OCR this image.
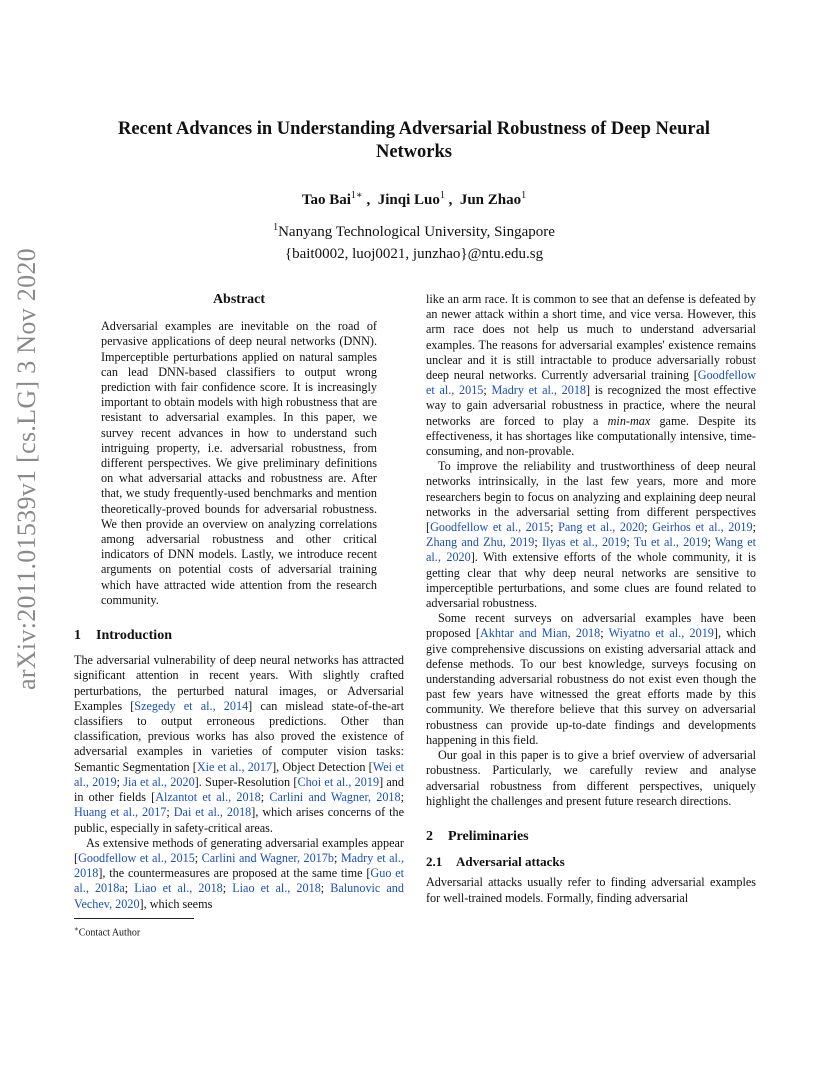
arXiv:2011.01539v1 [cs.LG] 3 Nov 2020
Recent Advances in Understanding Adversarial Robustness of Deep Neural Networks
Tao Bai$^{1∗}$ ,  Jinqi Luo$^1$ ,  Jun Zhao$^1$
$^1$Nanyang Technological University, Singapore
{bait0002, luoj0021, junzhao}@ntu.edu.sg
Abstract

Adversarial examples are inevitable on the road of pervasive applications of deep neural networks (DNN). Imperceptible perturbations applied on natural samples can lead DNN-based classifiers to output wrong prediction with fair confidence score. It is increasingly important to obtain models with high robustness that are resistant to adversarial examples. In this paper, we survey recent advances in how to understand such intriguing property, i.e. adversarial robustness, from different perspectives. We give preliminary definitions on what adversarial attacks and robustness are. After that, we study frequently-used benchmarks and mention theoretically-proved bounds for adversarial robustness. We then provide an overview on analyzing correlations among adversarial robustness and other critical indicators of DNN models. Lastly, we introduce recent arguments on potential costs of adversarial training which have attracted wide attention from the research community.

1 Introduction

The adversarial vulnerability of deep neural networks has attracted significant attention in recent years. With slightly crafted perturbations, the perturbed natural images, or Adversarial Examples [Szegedy et al., 2014] can mislead state-of-the-art classifiers to output erroneous predictions. Other than classification, previous works has also proved the existence of adversarial examples in varieties of computer vision tasks: Semantic Segmentation [Xie et al., 2017], Object Detection [Wei et al., 2019; Jia et al., 2020]. Super-Resolution [Choi et al., 2019] and in other fields [Alzantot et al., 2018; Carlini and Wagner, 2018; Huang et al., 2017; Dai et al., 2018], which arises concerns of the public, especially in safety-critical areas.

As extensive methods of generating adversarial examples appear [Goodfellow et al., 2015; Carlini and Wagner, 2017b; Madry et al., 2018], the countermeasures are proposed at the same time [Guo et al., 2018a; Liao et al., 2018; Liao et al., 2018; Balunovic and Vechev, 2020], which seems

∗Contact Author

like an arm race. It is common to see that an defense is defeated by an newer attack within a short time, and vice versa. However, this arm race does not help us much to understand adversarial examples. The reasons for adversarial examples' existence remains unclear and it is still intractable to produce adversarially robust deep neural networks. Currently adversarial training [Goodfellow et al., 2015; Madry et al., 2018] is recognized the most effective way to gain adversarial robustness in practice, where the neural networks are forced to play a min-max game. Despite its effectiveness, it has shortages like computationally intensive, time-consuming, and non-provable.

To improve the reliability and trustworthiness of deep neural networks intrinsically, in the last few years, more and more researchers begin to focus on analyzing and explaining deep neural networks in the adversarial setting from different perspectives [Goodfellow et al., 2015; Pang et al., 2020; Geirhos et al., 2019; Zhang and Zhu, 2019; Ilyas et al., 2019; Tu et al., 2019; Wang et al., 2020]. With extensive efforts of the whole community, it is getting clear that why deep neural networks are sensitive to imperceptible perturbations, and some clues are found related to adversarial robustness.

Some recent surveys on adversarial examples have been proposed [Akhtar and Mian, 2018; Wiyatno et al., 2019], which give comprehensive discussions on existing adversarial attack and defense methods. To our best knowledge, surveys focusing on understanding adversarial robustness do not exist even though the past few years have witnessed the great efforts made by this community. We therefore believe that this survey on adversarial robustness can provide up-to-date findings and developments happening in this field.

Our goal in this paper is to give a brief overview of adversarial robustness. Particularly, we carefully review and analyse adversarial robustness from different perspectives, uniquely highlight the challenges and present future research directions.

2 Preliminaries
2.1 Adversarial attacks

Adversarial attacks usually refer to finding adversarial examples for well-trained models. Formally, finding adversarial
